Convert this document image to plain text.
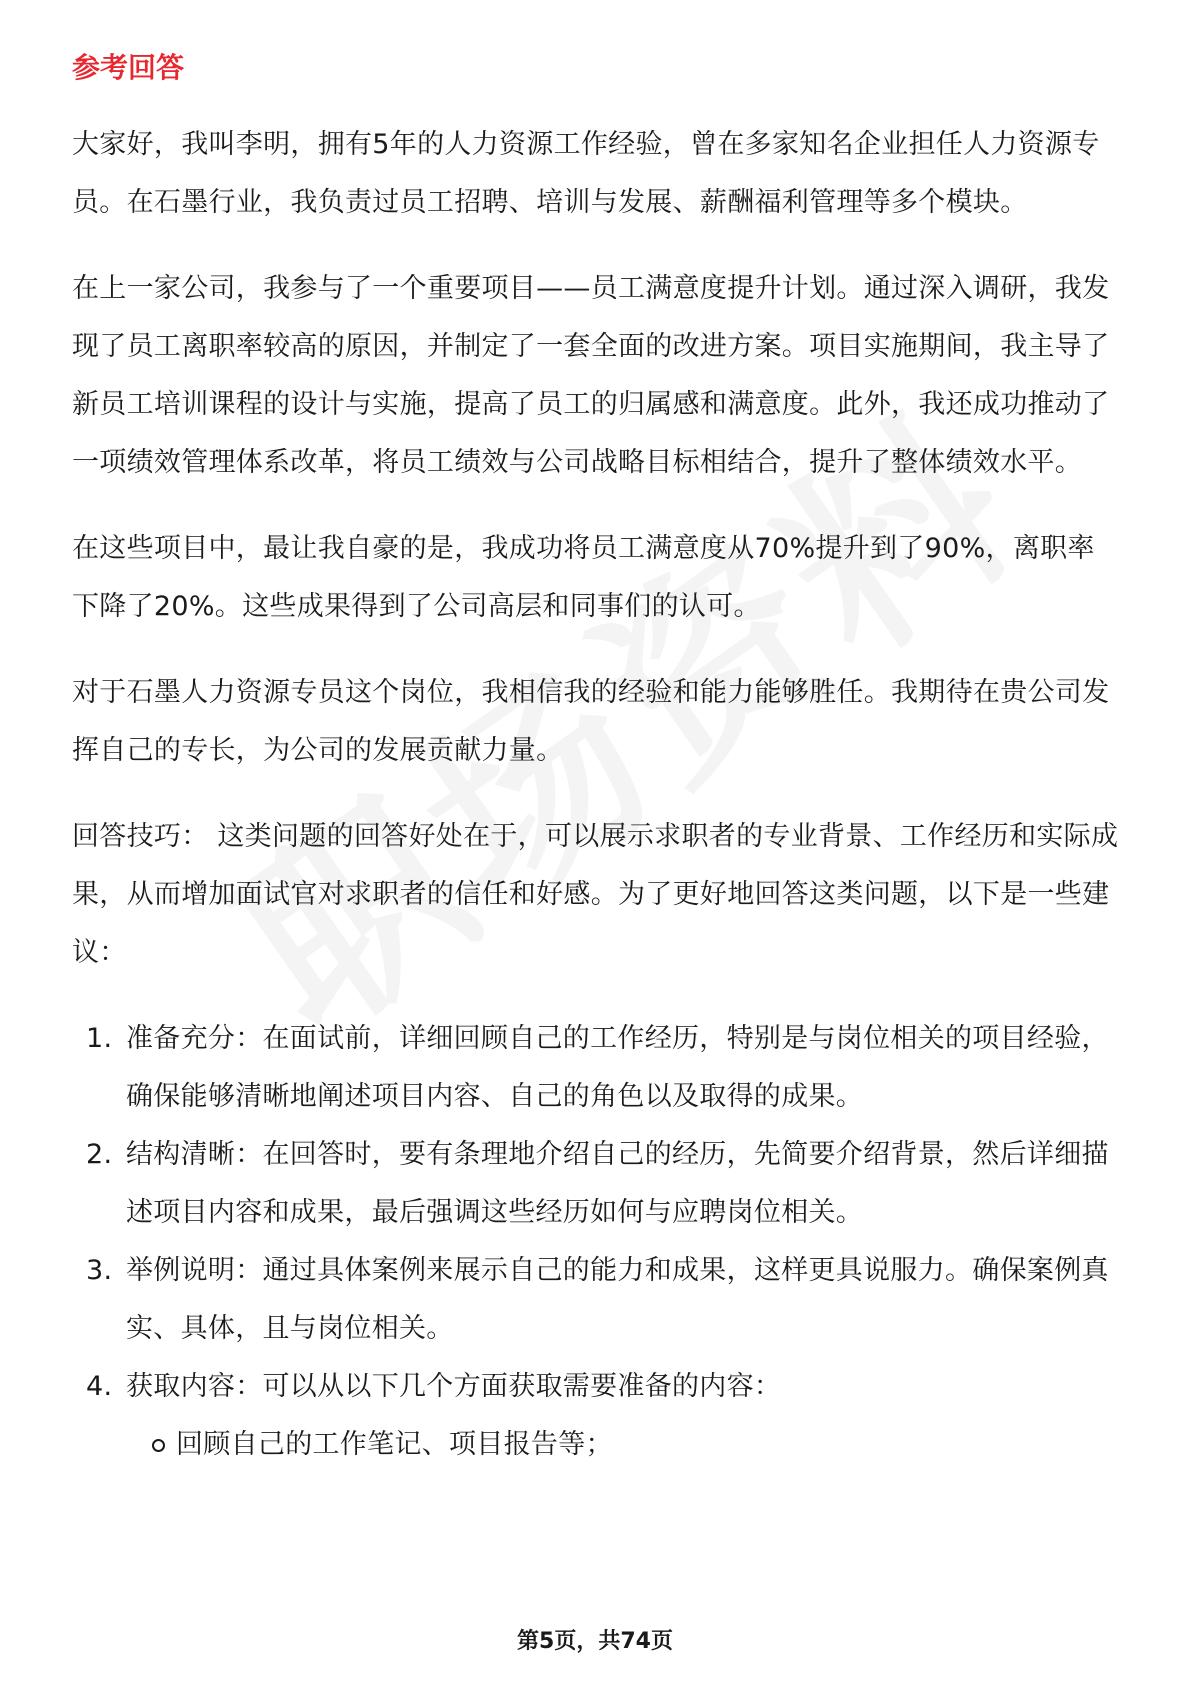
参考回答

大家好，我叫李明，拥有5年的人力资源工作经验，曾在多家知名企业担任人力资源专员。在石墨行业，我负责过员工招聘、培训与发展、薪酬福利管理等多个模块。

在上一家公司，我参与了一个重要项目——员工满意度提升计划。通过深入调研，我发现了员工离职率较高的原因，并制定了一套全面的改进方案。项目实施期间，我主导了新员工培训课程的设计与实施，提高了员工的归属感和满意度。此外，我还成功推动了一项绩效管理体系改革，将员工绩效与公司战略目标相结合，提升了整体绩效水平。

在这些项目中，最让我自豪的是，我成功将员工满意度从70%提升到了90%，离职率下降了20%。这些成果得到了公司高层和同事们的认可。

对于石墨人力资源专员这个岗位，我相信我的经验和能力能够胜任。我期待在贵公司发挥自己的专长，为公司的发展贡献力量。

回答技巧： 这类问题的回答好处在于，可以展示求职者的专业背景、工作经历和实际成果，从而增加面试官对求职者的信任和好感。为了更好地回答这类问题，以下是一些建议：

1. 准备充分：在面试前，详细回顾自己的工作经历，特别是与岗位相关的项目经验，确保能够清晰地阐述项目内容、自己的角色以及取得的成果。
2. 结构清晰：在回答时，要有条理地介绍自己的经历，先简要介绍背景，然后详细描述项目内容和成果，最后强调这些经历如何与应聘岗位相关。
3. 举例说明：通过具体案例来展示自己的能力和成果，这样更具说服力。确保案例真实、具体，且与岗位相关。
4. 获取内容：可以从以下几个方面获取需要准备的内容：
回顾自己的工作笔记、项目报告等；
第5页，共74页
